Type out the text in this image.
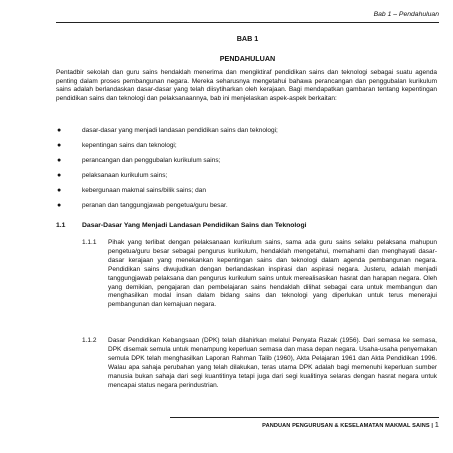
Bab 1 – Pendahuluan
BAB 1
PENDAHULUAN

Pentadbir sekolah dan guru sains hendaklah menerima dan mengiktiraf pendidikan sains dan teknologi sebagai suatu agenda penting dalam proses pembangunan negara. Mereka seharusnya mengetahui bahawa perancangan dan penggubalan kurikulum sains adalah berlandaskan dasar-dasar yang telah diisytiharkan oleh kerajaan. Bagi mendapatkan gambaran tentang kepentingan pendidikan sains dan teknologi dan pelaksanaannya, bab ini menjelaskan aspek-aspek berkaitan:

●	dasar-dasar yang menjadi landasan pendidikan sains dan teknologi;
●	kepentingan sains dan teknologi;
●	perancangan dan penggubalan kurikulum sains;
●	pelaksanaan kurikulum sains;
●	kebergunaan makmal sains/bilik sains; dan
●	peranan dan tanggungjawab pengetua/guru besar.
1.1 Dasar-Dasar Yang Menjadi Landasan Pendidikan Sains dan Teknologi
1.1.1 Pihak yang terlibat dengan pelaksanaan kurikulum sains, sama ada guru sains selaku pelaksana mahupun pengetua/guru besar sebagai pengurus kurikulum, hendaklah mengetahui, memahami dan menghayati dasar-dasar kerajaan yang menekankan kepentingan sains dan teknologi dalam agenda pembangunan negara. Pendidikan sains diwujudkan dengan berlandaskan inspirasi dan aspirasi negara. Justeru, adalah menjadi tanggungjawab pelaksana dan pengurus kurikulum sains untuk merealisasikan hasrat dan harapan negara. Oleh yang demikian, pengajaran dan pembelajaran sains hendaklah dilihat sebagai cara untuk membangun dan menghasilkan modal insan dalam bidang sains dan teknologi yang diperlukan untuk terus menerajui pembangunan dan kemajuan negara.
1.1.2 Dasar Pendidikan Kebangsaan (DPK) telah dilahirkan melalui Penyata Razak (1956). Dari semasa ke semasa, DPK disemak semula untuk menampung keperluan semasa dan masa depan negara. Usaha-usaha penyemakan semula DPK telah menghasilkan Laporan Rahman Talib (1960), Akta Pelajaran 1961 dan Akta Pendidikan 1996. Walau apa sahaja perubahan yang telah dilakukan, teras utama DPK adalah bagi memenuhi keperluan sumber manusia bukan sahaja dari segi kuantitinya tetapi juga dari segi kualitinya selaras dengan hasrat negara untuk mencapai status negara perindustrian.
PANDUAN PENGURUSAN & KESELAMATAN MAKMAL SAINS | 1
